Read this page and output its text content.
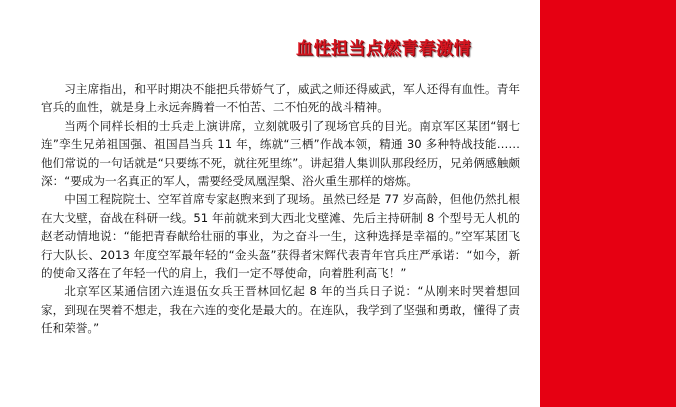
血性担当点燃青春激情

习主席指出，和平时期决不能把兵带娇气了，威武之师还得威武，军人还得有血性。青年官兵的血性，就是身上永远奔腾着一不怕苦、二不怕死的战斗精神。

当两个同样长相的士兵走上演讲席，立刻就吸引了现场官兵的目光。南京军区某团“钢七连”孪生兄弟祖国强、祖国昌当兵 11 年，练就“三栖”作战本领，精通 30 多种特战技能……他们常说的一句话就是“只要练不死，就往死里练”。讲起猎人集训队那段经历，兄弟俩感触颇深：“要成为一名真正的军人，需要经受凤凰涅槃、浴火重生那样的熔炼。

中国工程院院士、空军首席专家赵煦来到了现场。虽然已经是 77 岁高龄，但他仍然扎根在大戈壁，奋战在科研一线。51 年前就来到大西北戈壁滩、先后主持研制 8 个型号无人机的赵老动情地说：“能把青春献给壮丽的事业，为之奋斗一生，这种选择是幸福的。”空军某团飞行大队长、2013 年度空军最年轻的“金头盔”获得者宋辉代表青年官兵庄严承诺：“如今，新的使命又落在了年轻一代的肩上，我们一定不辱使命，向着胜利高飞！”

北京军区某通信团六连退伍女兵王晋林回忆起 8 年的当兵日子说：“从刚来时哭着想回家，到现在哭着不想走，我在六连的变化是最大的。在连队，我学到了坚强和勇敢，懂得了责任和荣誉。”
